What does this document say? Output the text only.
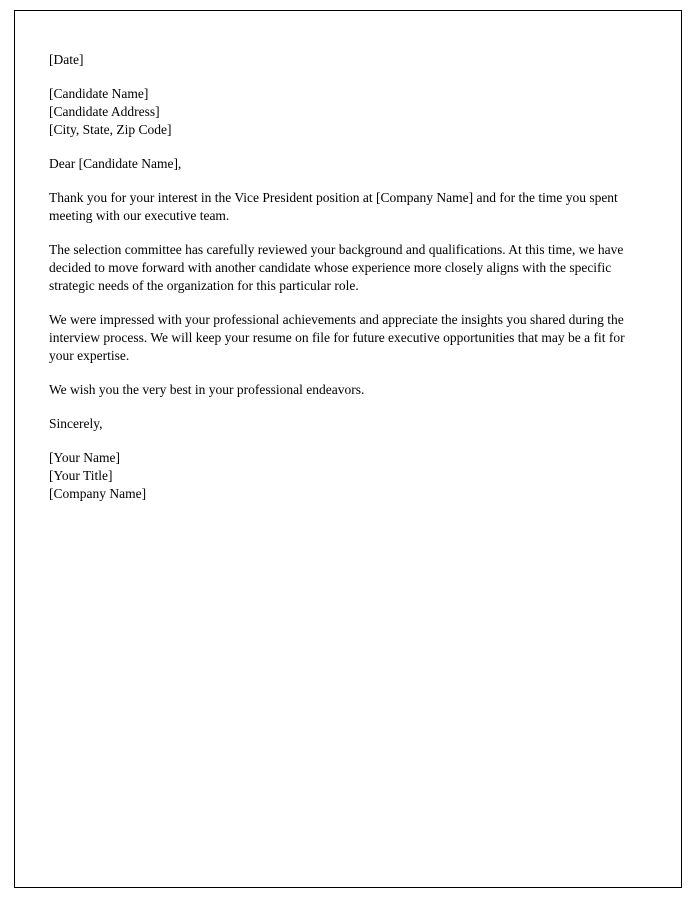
[Date]

[Candidate Name]

[Candidate Address]

[City, State, Zip Code]

Dear [Candidate Name],

Thank you for your interest in the Vice President position at [Company Name] and for the time you spent meeting with our executive team.

The selection committee has carefully reviewed your background and qualifications. At this time, we have decided to move forward with another candidate whose experience more closely aligns with the specific strategic needs of the organization for this particular role.

We were impressed with your professional achievements and appreciate the insights you shared during the interview process. We will keep your resume on file for future executive opportunities that may be a fit for your expertise.

We wish you the very best in your professional endeavors.

Sincerely,

[Your Name]

[Your Title]

[Company Name]
